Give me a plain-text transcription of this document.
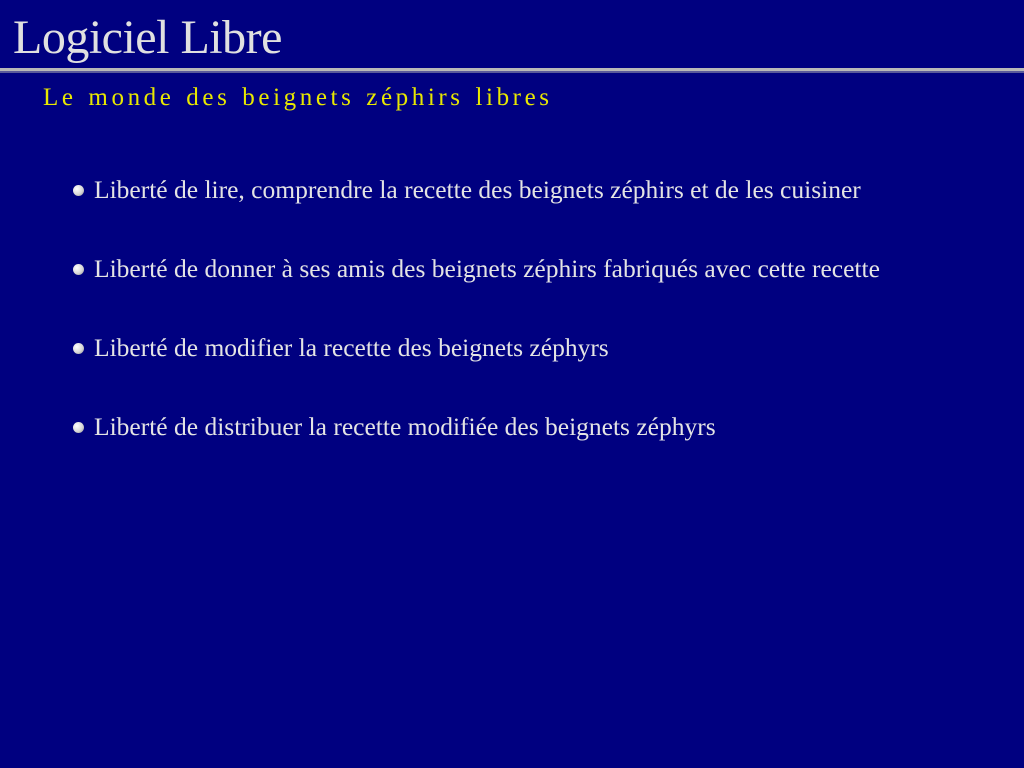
Logiciel Libre
Le monde des beignets zéphirs libres
Liberté de lire, comprendre la recette des beignets zéphirs et de les cuisiner
Liberté de donner à ses amis des beignets zéphirs fabriqués avec cette recette
Liberté de modifier la recette des beignets zéphyrs
Liberté de distribuer la recette modifiée des beignets zéphyrs
